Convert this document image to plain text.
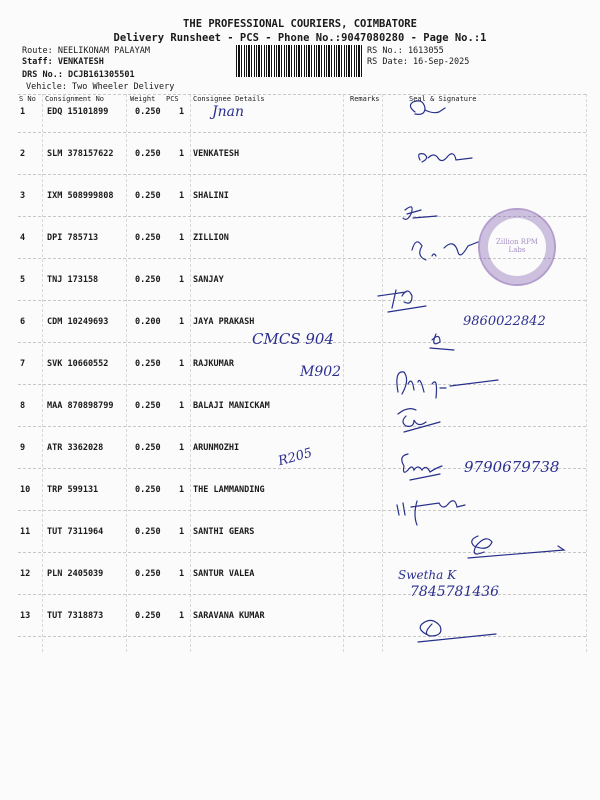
THE PROFESSIONAL COURIERS, COIMBATORE
Delivery Runsheet - PCS - Phone No.:9047080280 - Page No.:1
Route: NEELIKONAM PALAYAM
Staff: VENKATESH
DRS No.: DCJB161305501
Vehicle: Two Wheeler Delivery
RS No.: 1613055
RS Date: 16-Sep-2025
S No Consignment No	Weight PCS Consignee Details	Remarks	Seal & Signature
1	EDQ 15101899	0.250 1
2	SLM 378157622	0.250 1 VENKATESH
3	IXM 508999808	0.250 1 SHALINI
4	DPI 785713	0.250 1 ZILLION
5	TNJ 173158	0.250 1 SANJAY
6	CDM 10249693	0.200 1 JAYA PRAKASH
7	SVK 10660552	0.250 1 RAJKUMAR
8	MAA 870898799	0.250 1 BALAJI MANICKAM
9	ATR 3362028	0.250 1 ARUNMOZHI
10 TRP 599131	0.250 1 THE LAMMANDING
11 TUT 7311964	0.250 1 SANTHI GEARS
12 PLN 2405039	0.250 1 SANTUR VALEA
13 TUT 7318873	0.250 1 SARAVANA KUMAR
Zillion RPM
Labs
Jnan
CMCS 904
M902
R205
9860022842
9790679738
Swetha K
7845781436
